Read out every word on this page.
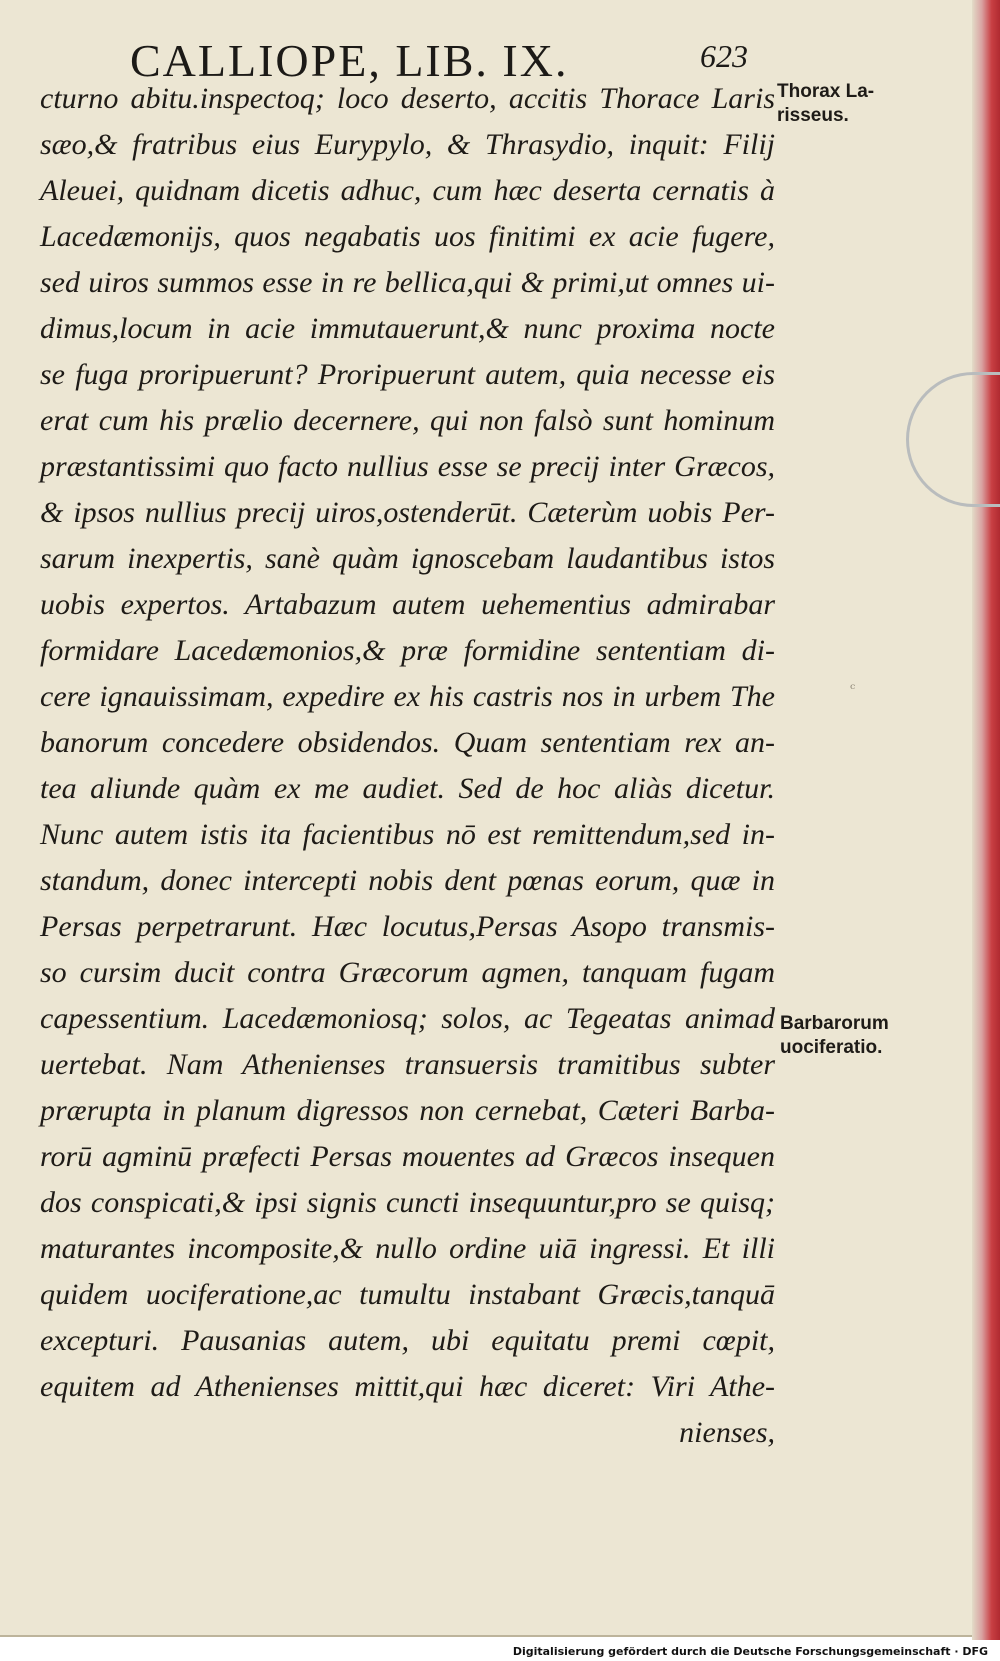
CALLIOPE, LIB. IX.	623
cturno abitu.inspectoq; loco deserto, accitis Thorace Laris
sæo,& fratribus eius Eurypylo, & Thrasydio, inquit: Filij
Aleuei, quidnam dicetis adhuc, cum hæc deserta cernatis à
Lacedæmonijs, quos negabatis uos finitimi ex acie fugere,
sed uiros summos esse in re bellica,qui & primi,ut omnes ui-
dimus,locum in acie immutauerunt,& nunc proxima nocte
se fuga proripuerunt? Proripuerunt autem, quia necesse eis
erat cum his prælio decernere, qui non falsò sunt hominum
præstantissimi quo facto nullius esse se precij inter Græcos,
& ipsos nullius precij uiros,ostenderūt. Cæterùm uobis Per-
sarum inexpertis, sanè quàm ignoscebam laudantibus istos
uobis expertos. Artabazum autem uehementius admirabar
formidare Lacedæmonios,& præ formidine sententiam di-
cere ignauissimam, expedire ex his castris nos in urbem The
banorum concedere obsidendos. Quam sententiam rex an-
tea aliunde quàm ex me audiet. Sed de hoc aliàs dicetur.
Nunc autem istis ita facientibus nō est remittendum,sed in-
standum, donec intercepti nobis dent pœnas eorum, quæ in
Persas perpetrarunt. Hæc locutus,Persas Asopo transmis-
so cursim ducit contra Græcorum agmen, tanquam fugam
capessentium. Lacedæmoniosq; solos, ac Tegeatas animad
uertebat. Nam Athenienses transuersis tramitibus subter
prærupta in planum digressos non cernebat, Cæteri Barba-
rorū agminū præfecti Persas mouentes ad Græcos insequen
dos conspicati,& ipsi signis cuncti insequuntur,pro se quisq;
maturantes incomposite,& nullo ordine uiā ingressi. Et illi
quidem uociferatione,ac tumultu instabant Græcis,tanquā
excepturi. Pausanias autem, ubi equitatu premi cœpit,
equitem ad Athenienses mittit,qui hæc diceret: Viri Athe-
nienses,
Thorax La-
risseus.
Barbarorum
uociferatio.
ᶜ
Digitalisierung gefördert durch die Deutsche Forschungsgemeinschaft · DFG
